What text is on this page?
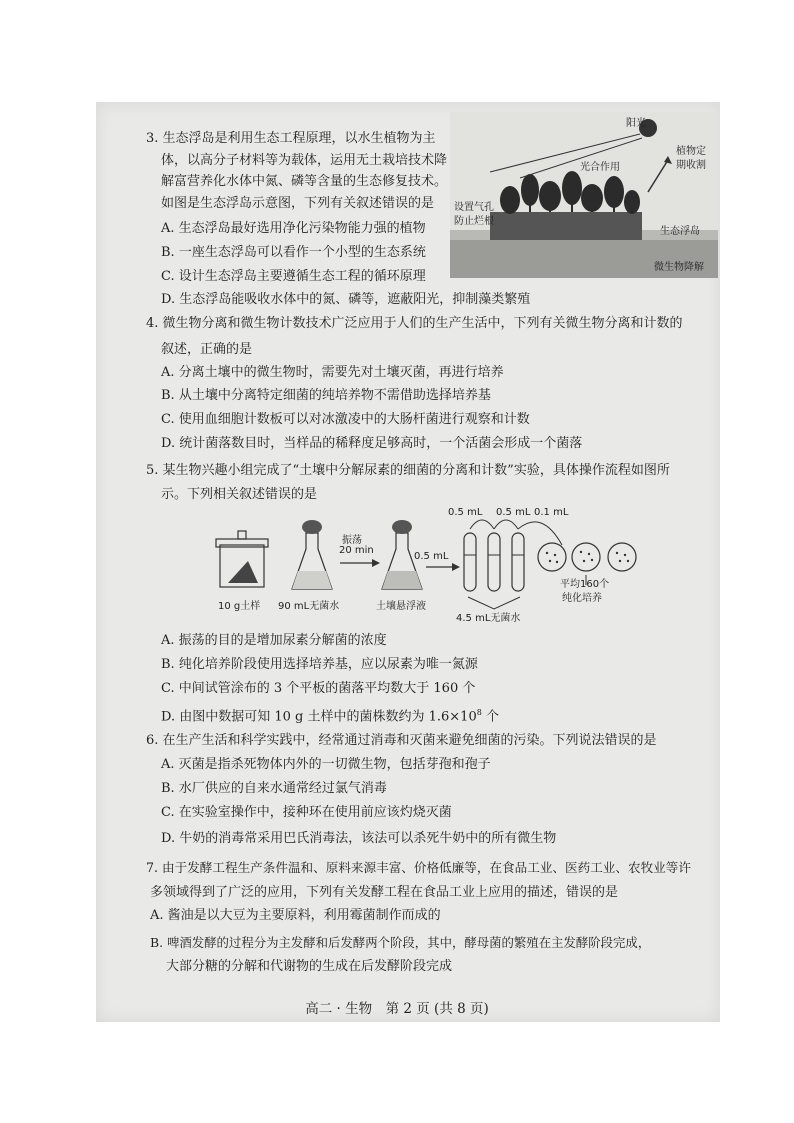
3. 生态浮岛是利用生态工程原理，以水生植物为主
体，以高分子材料等为载体，运用无土栽培技术降
解富营养化水体中氮、磷等含量的生态修复技术。
如图是生态浮岛示意图，下列有关叙述错误的是
A. 生态浮岛最好选用净化污染物能力强的植物
B. 一座生态浮岛可以看作一个小型的生态系统
C. 设计生态浮岛主要遵循生态工程的循环原理
D. 生态浮岛能吸收水体中的氮、磷等，遮蔽阳光，抑制藻类繁殖
阳光
光合作用
植物定
期收割
设置气孔
防止烂根
生态浮岛
微生物降解
4. 微生物分离和微生物计数技术广泛应用于人们的生产生活中，下列有关微生物分离和计数的
叙述，正确的是
A. 分离土壤中的微生物时，需要先对土壤灭菌，再进行培养
B. 从土壤中分离特定细菌的纯培养物不需借助选择培养基
C. 使用血细胞计数板可以对冰激凌中的大肠杆菌进行观察和计数
D. 统计菌落数目时，当样品的稀释度足够高时，一个活菌会形成一个菌落
5. 某生物兴趣小组完成了“土壤中分解尿素的细菌的分离和计数”实验，具体操作流程如图所
示。下列相关叙述错误的是
10 g土样 90 mL无菌水
振荡
20 min
土壤悬浮液
0.5 mL
0.5 mL 0.5 mL 0.1 mL
4.5 mL无菌水
平均160个
纯化培养
A. 振荡的目的是增加尿素分解菌的浓度
B. 纯化培养阶段使用选择培养基，应以尿素为唯一氮源
C. 中间试管涂布的 3 个平板的菌落平均数大于 160 个
D. 由图中数据可知 10 g 土样中的菌株数约为 $1.6\times 10^8$ 个
6. 在生产生活和科学实践中，经常通过消毒和灭菌来避免细菌的污染。下列说法错误的是
A. 灭菌是指杀死物体内外的一切微生物，包括芽孢和孢子
B. 水厂供应的自来水通常经过氯气消毒
C. 在实验室操作中，接种环在使用前应该灼烧灭菌
D. 牛奶的消毒常采用巴氏消毒法，该法可以杀死牛奶中的所有微生物
7. 由于发酵工程生产条件温和、原料来源丰富、价格低廉等，在食品工业、医药工业、农牧业等许
多领域得到了广泛的应用，下列有关发酵工程在食品工业上应用的描述，错误的是
A. 酱油是以大豆为主要原料，利用霉菌制作而成的
B. 啤酒发酵的过程分为主发酵和后发酵两个阶段，其中，酵母菌的繁殖在主发酵阶段完成，
大部分糖的分解和代谢物的生成在后发酵阶段完成
高二 · 生物　第 2 页 (共 8 页)
